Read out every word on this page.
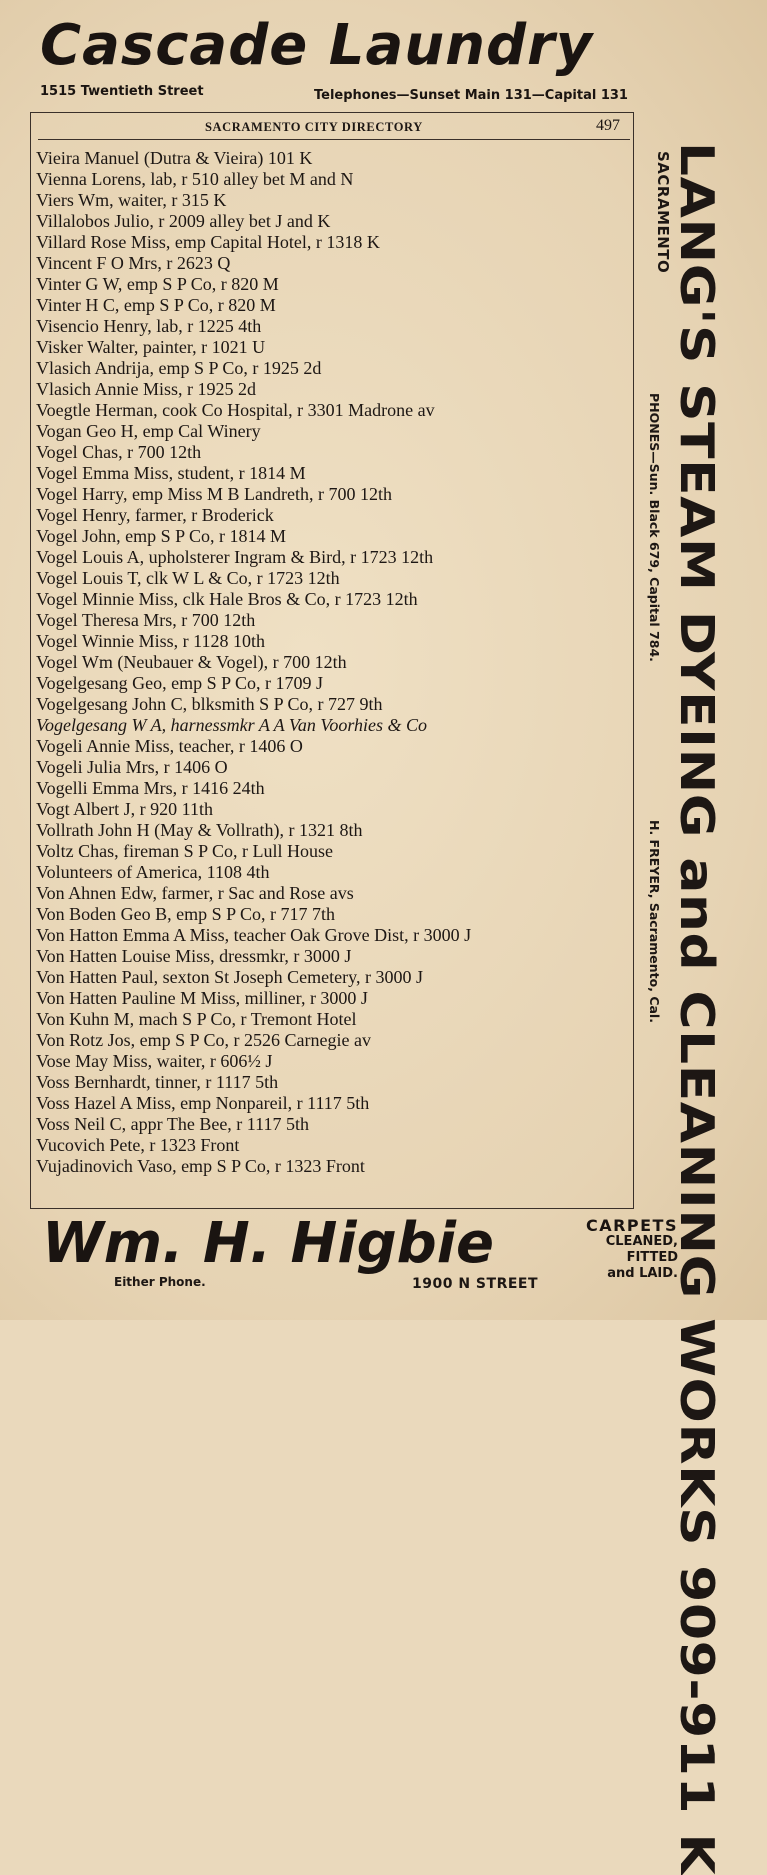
Cascade Laundry
1515 Twentieth Street	Telephones—Sunset Main 131—Capital 131
SACRAMENTO CITY DIRECTORY	497
Vieira Manuel (Dutra & Vieira) 101 K
Vienna Lorens, lab, r 510 alley bet M and N
Viers Wm, waiter, r 315 K
Villalobos Julio, r 2009 alley bet J and K
Villard Rose Miss, emp Capital Hotel, r 1318 K
Vincent F O Mrs, r 2623 Q
Vinter G W, emp S P Co, r 820 M
Vinter H C, emp S P Co, r 820 M
Visencio Henry, lab, r 1225 4th
Visker Walter, painter, r 1021 U
Vlasich Andrija, emp S P Co, r 1925 2d
Vlasich Annie Miss, r 1925 2d
Voegtle Herman, cook Co Hospital, r 3301 Madrone av
Vogan Geo H, emp Cal Winery
Vogel Chas, r 700 12th
Vogel Emma Miss, student, r 1814 M
Vogel Harry, emp Miss M B Landreth, r 700 12th
Vogel Henry, farmer, r Broderick
Vogel John, emp S P Co, r 1814 M
Vogel Louis A, upholsterer Ingram & Bird, r 1723 12th
Vogel Louis T, clk W L & Co, r 1723 12th
Vogel Minnie Miss, clk Hale Bros & Co, r 1723 12th
Vogel Theresa Mrs, r 700 12th
Vogel Winnie Miss, r 1128 10th
Vogel Wm (Neubauer & Vogel), r 700 12th
Vogelgesang Geo, emp S P Co, r 1709 J
Vogelgesang John C, blksmith S P Co, r 727 9th
Vogelgesang W A, harnessmkr A A Van Voorhies & Co
Vogeli Annie Miss, teacher, r 1406 O
Vogeli Julia Mrs, r 1406 O
Vogelli Emma Mrs, r 1416 24th
Vogt Albert J, r 920 11th
Vollrath John H (May & Vollrath), r 1321 8th
Voltz Chas, fireman S P Co, r Lull House
Volunteers of America, 1108 4th
Von Ahnen Edw, farmer, r Sac and Rose avs
Von Boden Geo B, emp S P Co, r 717 7th
Von Hatton Emma A Miss, teacher Oak Grove Dist, r 3000 J
Von Hatten Louise Miss, dressmkr, r 3000 J
Von Hatten Paul, sexton St Joseph Cemetery, r 3000 J
Von Hatten Pauline M Miss, milliner, r 3000 J
Von Kuhn M, mach S P Co, r Tremont Hotel
Von Rotz Jos, emp S P Co, r 2526 Carnegie av
Vose May Miss, waiter, r 606½ J
Voss Bernhardt, tinner, r 1117 5th
Voss Hazel A Miss, emp Nonpareil, r 1117 5th
Voss Neil C, appr The Bee, r 1117 5th
Vucovich Pete, r 1323 Front
Vujadinovich Vaso, emp S P Co, r 1323 Front	LANG'S STEAM DYEING and CLEANING WORKS 909-911 K
SACRAMENTO
PHONES—Sun. Black 679, Capital 784.
H. FREYER, Sacramento, Cal.
Wm. H. Higbie
Either Phone.	1900 N STREET
CARPETS
CLEANED,
FITTED
and LAID.
